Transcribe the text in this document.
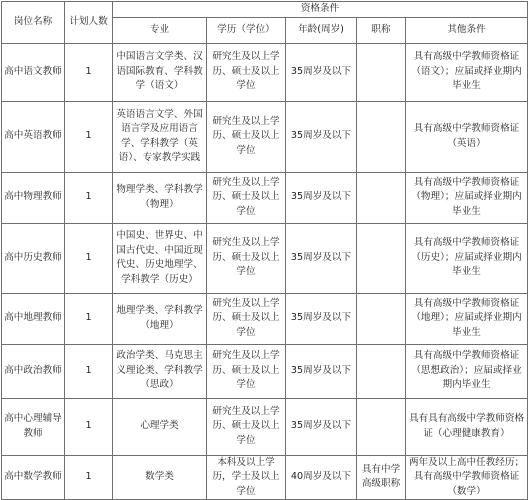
岗位名称	计划人数	资格条件				
		专业	学历（学位）	年龄(周岁)	职称	其他条件
高中语文教师	1	中国语言文学类、汉语国际教育、学科教学（语文）	研究生及以上学历、硕士及以上学位	35周岁及以下		具有高级中学教师资格证（语文）；应届或择业期内毕业生
高中英语教师	1	英语语言文学、外国语言学及应用语言学、学科教学（英语）、专家教学实践	研究生及以上学历、硕士及以上学位	35周岁及以下		具有高级中学教师资格证（英语）
高中物理教师	1	物理学类、学科教学（物理）	研究生及以上学历、硕士及以上学位	35周岁及以下		具有高级中学教师资格证（物理）；应届或择业期内毕业生
高中历史教师	1	中国史、世界史、中国古代史、中国近现代史、历史地理学、学科教学（历史）	研究生及以上学历、硕士及以上学位	35周岁及以下		具有高级中学教师资格证（历史）；应届或择业期内毕业生
高中地理教师	1	地理学类、学科教学（地理）	研究生及以上学历、硕士及以上学位	35周岁及以下		具有高级中学教师资格证（地理）；应届或择业期内毕业生
高中政治教师	1	政治学类、马克思主义理论类、学科教学（思政）	研究生及以上学历、硕士及以上学位	35周岁及以下		具有高级中学教师资格证（思想政治）；应届或择业期内毕业生
高中心理辅导教师	1	心理学类	研究生及以上学历、硕士及以上学位	35周岁及以下		具有具有高级中学教师资格证（心理健康教育）
高中数学教师	1	数学类	本科及以上学历，学士及以上学位	40周岁及以下	具有中学高级职称	两年及以上高中任教经历；具有高级中学教师资格证（数学）
